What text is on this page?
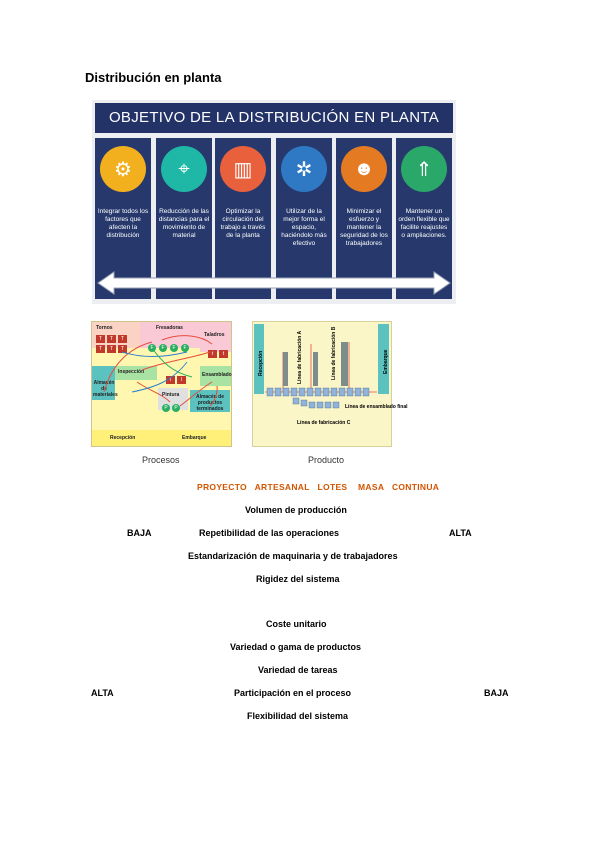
Distribución en planta
OBJETIVO DE LA DISTRIBUCIÓN EN PLANTA
⚙
Integrar todos los factores que afecten la distribución
⌖
Reducción de las distancias para el movimiento de material
▥
Optimizar la circulación del trabajo a través de la planta
✲
Utilizar de la mejor forma el espacio, haciéndolo más efectivo
☻
Minimizar el esfuerzo y mantener la seguridad de los trabajadores
⇑
Mantener un orden flexible que facilite reajustes o ampliaciones.
Tornos	Fresadoras
Taladros
Inspección	Ensamblado
Almacén de materiales	Pintura	Almacén de productos terminados
Recepción	Embarque
T	T	T
T	T	T	F	F	F	F
t	t
I	I
P	P
Procesos
Recepción	Embarque
Línea de fabricación A	Línea de fabricación B
Línea de fabricación C
Línea de ensamblado final
Producto
PROYECTO   ARTESANAL   LOTES    MASA   CONTINUA
Volumen de producción
BAJA	Repetibilidad de las operaciones	ALTA
Estandarización de maquinaria y de trabajadores
Rigidez del sistema
Coste unitario
Variedad o gama de productos
Variedad de tareas
ALTA	Participación en el proceso	BAJA
Flexibilidad del sistema
